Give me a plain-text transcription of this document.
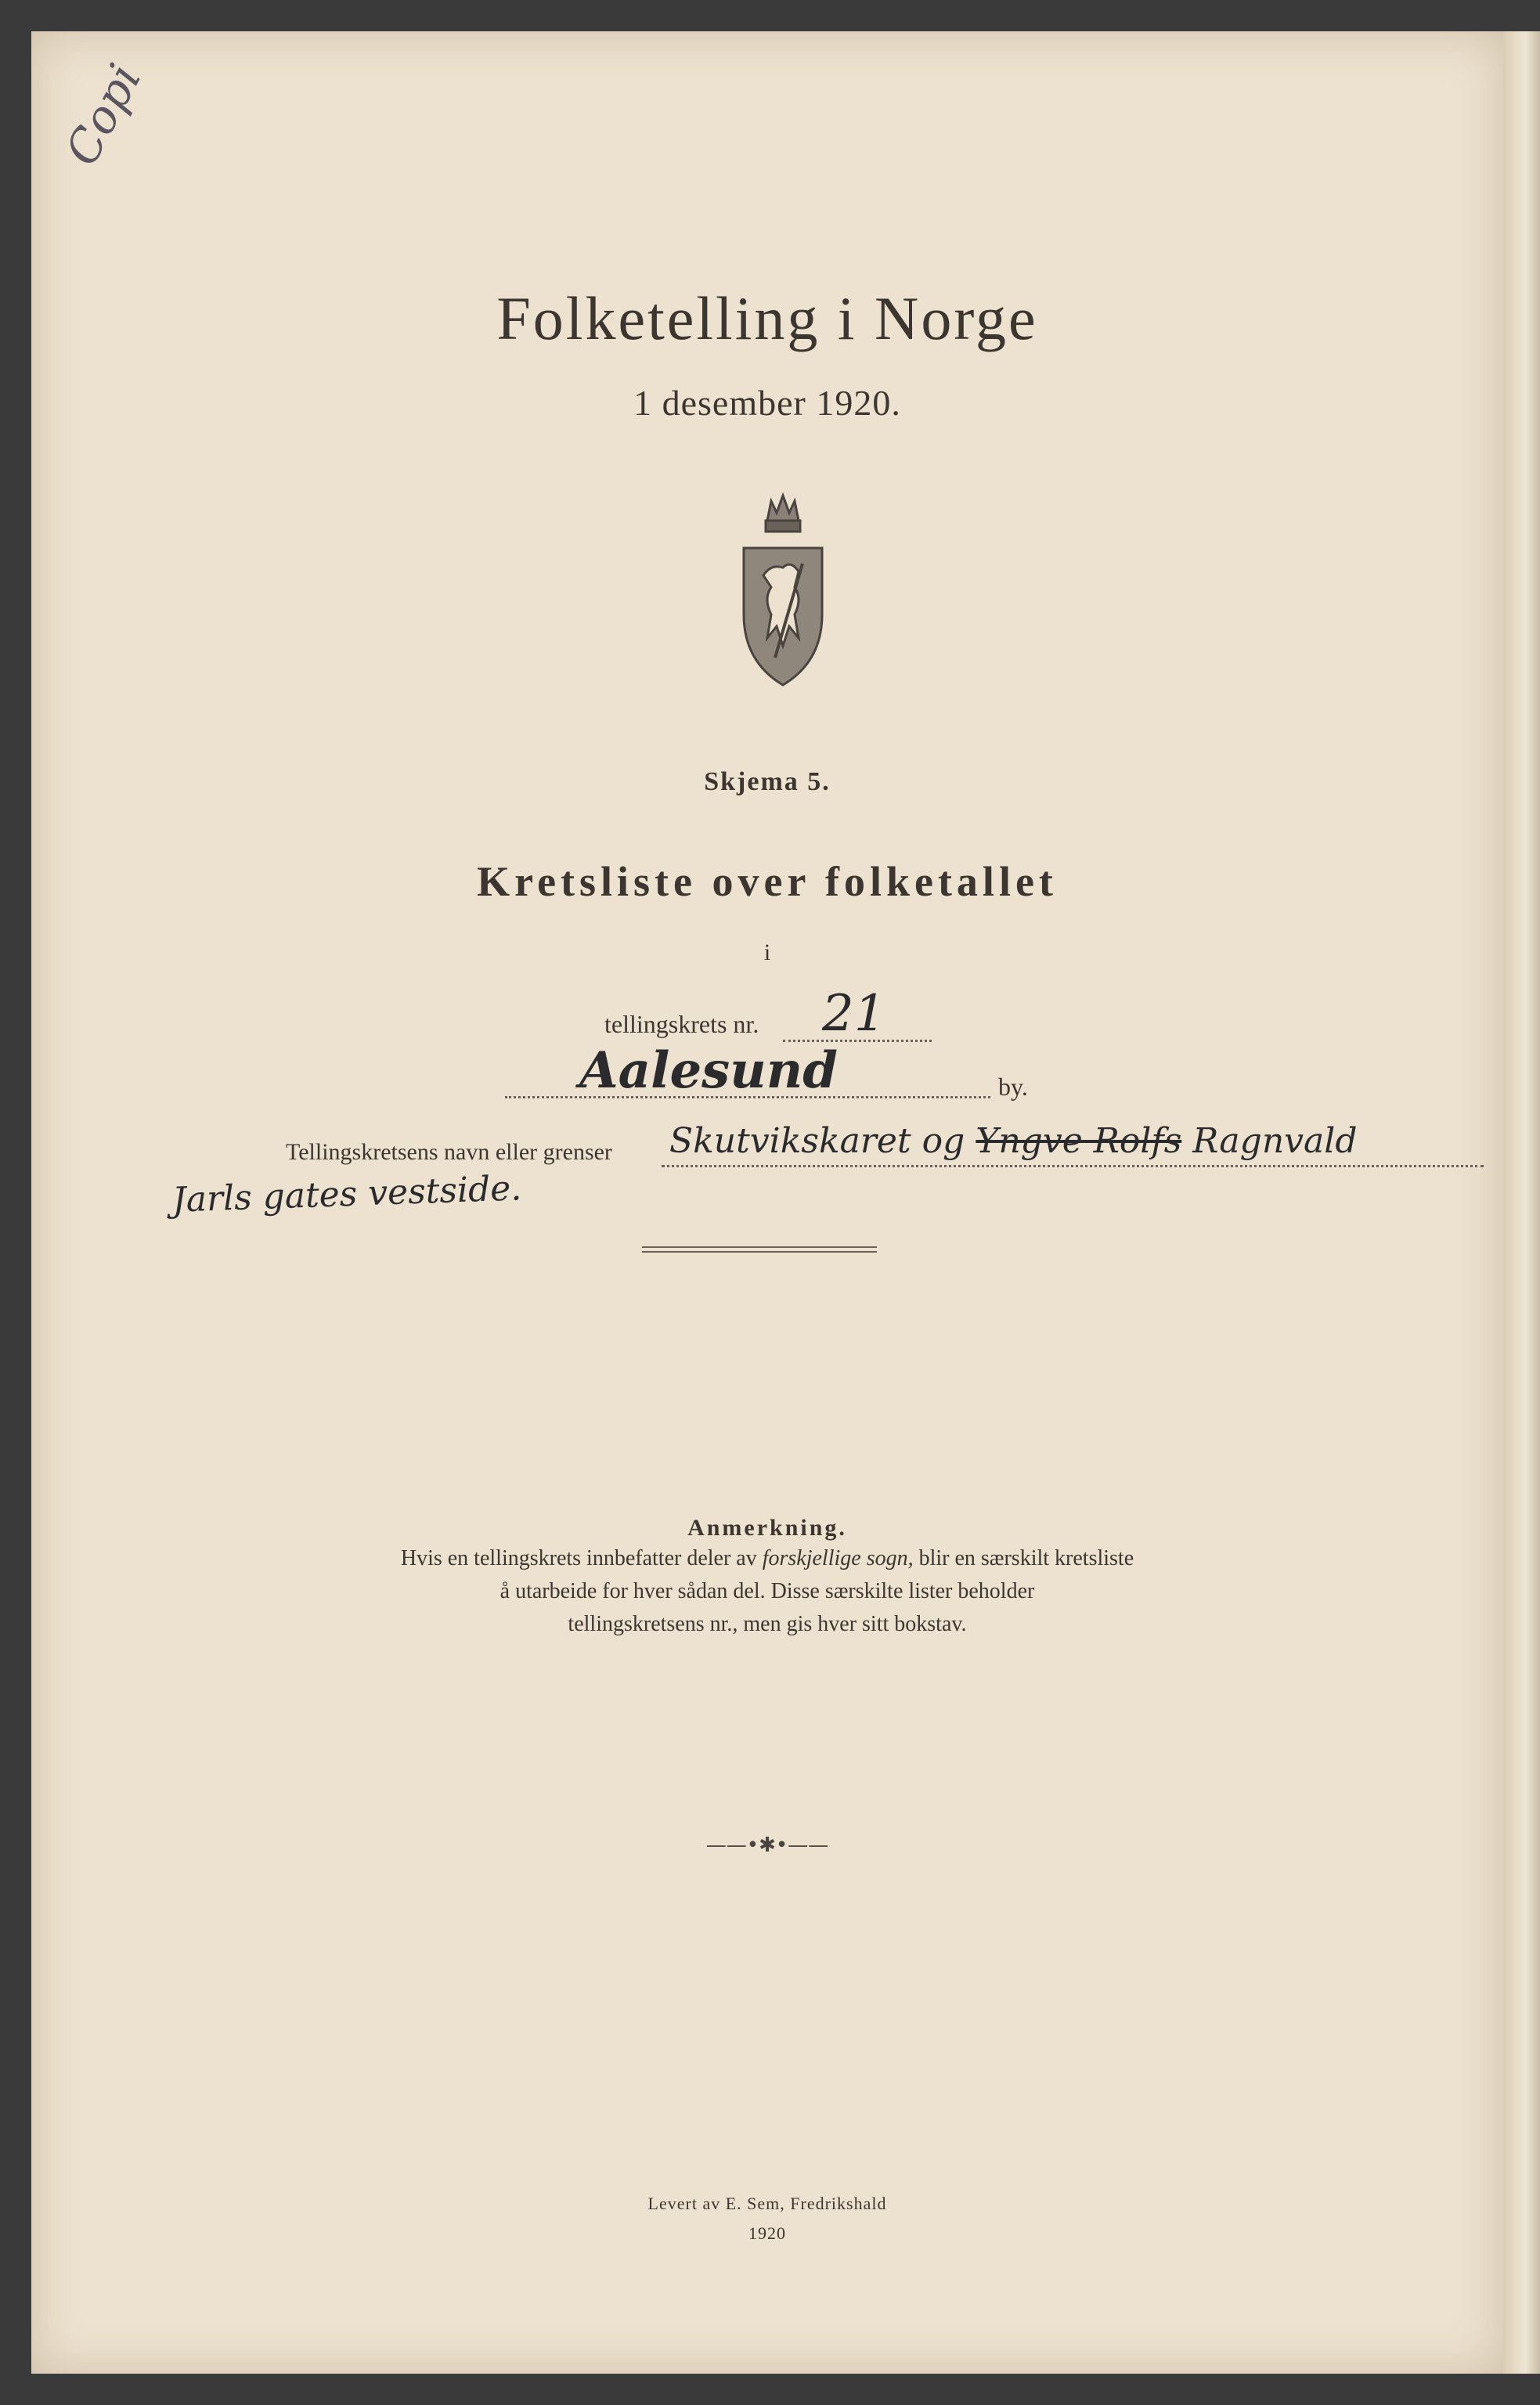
Copi
Folketelling i Norge
1 desember 1920.
Skjema 5.
Kretsliste over folketallet
i
tellingskrets nr. 21
Aalesund	by.
Tellingskretsens navn eller grenser Skutvikskaret og Yngve Rolfs Ragnvald
Jarls gates vestside.
Anmerkning.
Hvis en tellingskrets innbefatter deler av forskjellige sogn, blir en særskilt kretsliste
å utarbeide for hver sådan del. Disse særskilte lister beholder
tellingskretsens nr., men gis hver sitt bokstav.
——•✱•——
Levert av E. Sem, Fredrikshald
1920
